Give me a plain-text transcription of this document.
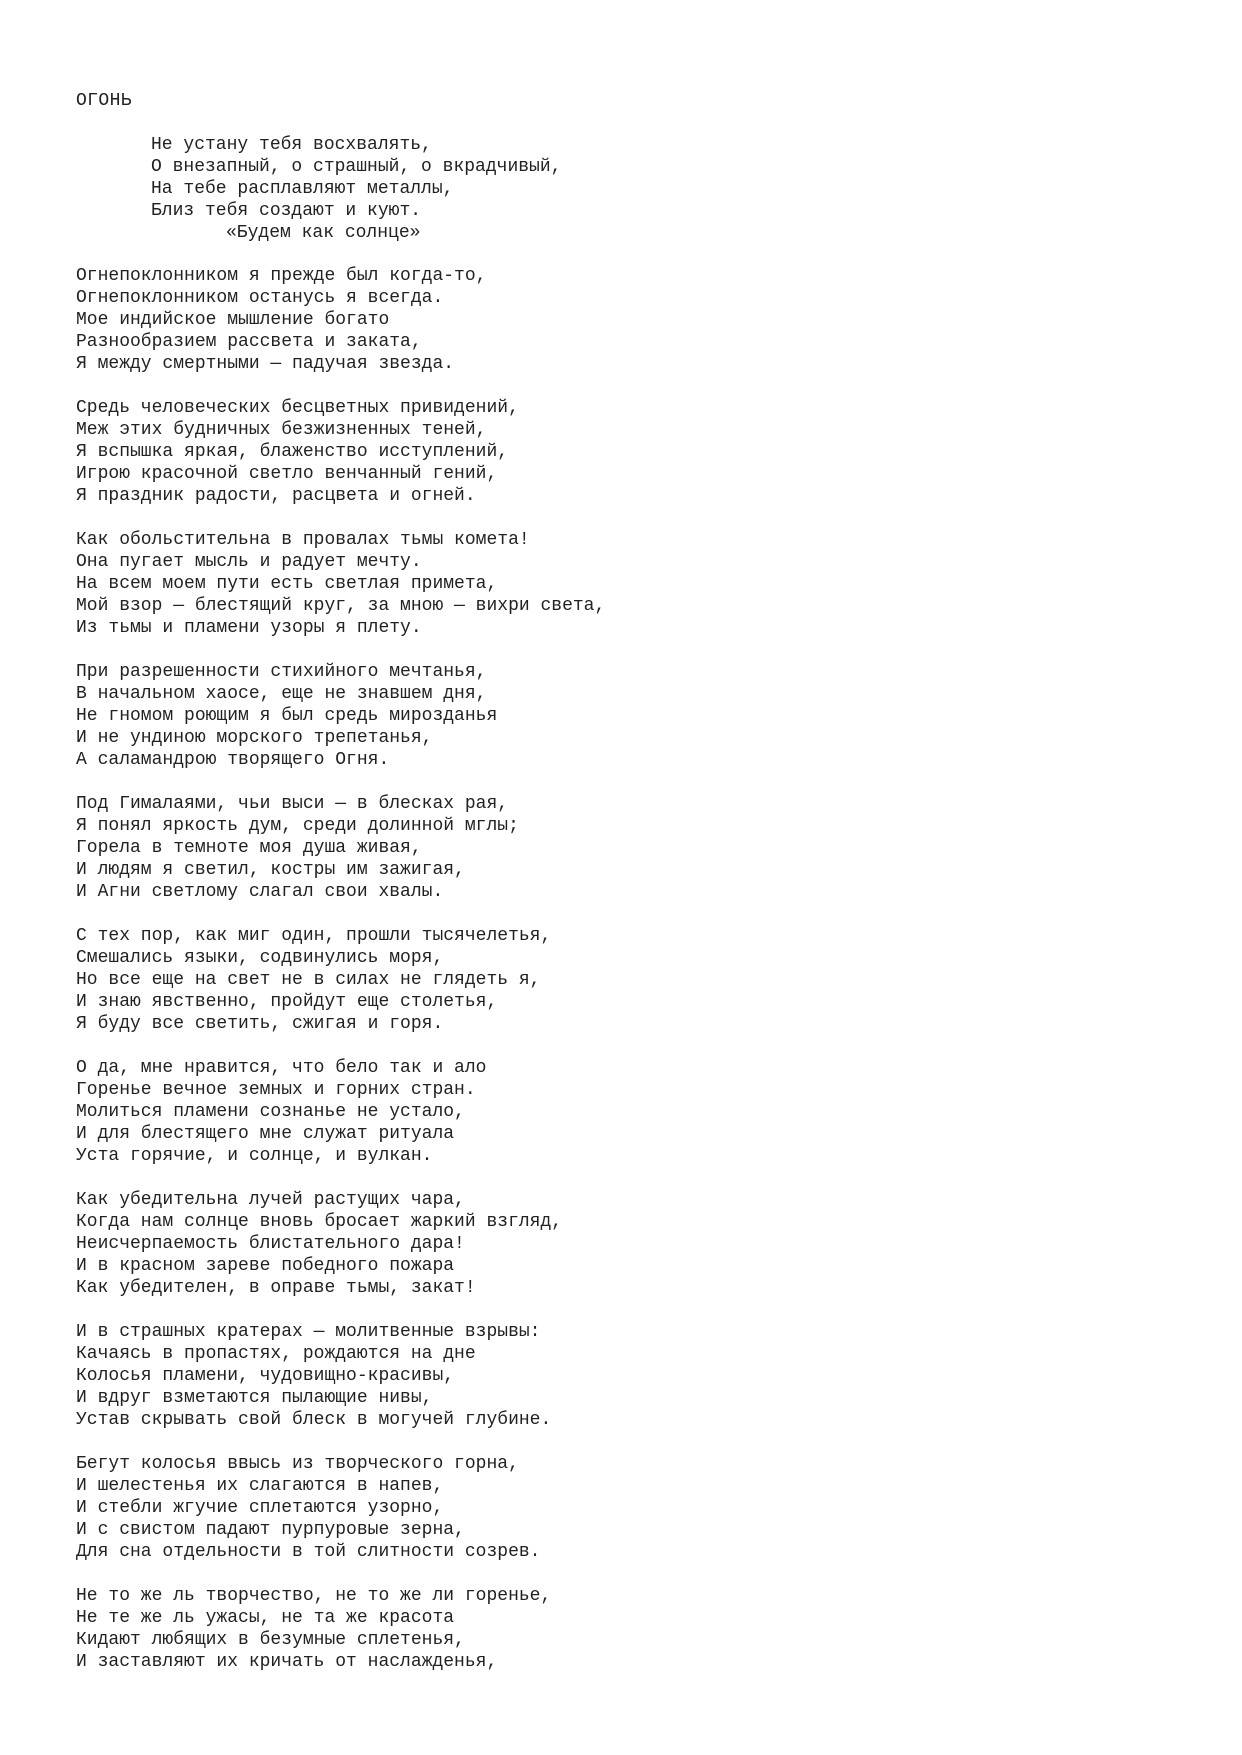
ОГОНЬ
Не устану тебя восхвалять,
О внезапный, о страшный, о вкрадчивый,
На тебе расплавляют металлы,
Близ тебя создают и куют.
«Будем как солнце»
Огнепоклонником я прежде был когда-то,
Огнепоклонником останусь я всегда.
Мое индийское мышление богато
Разнообразием рассвета и заката,
Я между смертными — падучая звезда.
Средь человеческих бесцветных привидений,
Меж этих будничных безжизненных теней,
Я вспышка яркая, блаженство исступлений,
Игрою красочной светло венчанный гений,
Я праздник радости, расцвета и огней.
Как обольстительна в провалах тьмы комета!
Она пугает мысль и радует мечту.
На всем моем пути есть светлая примета,
Мой взор — блестящий круг, за мною — вихри света,
Из тьмы и пламени узоры я плету.
При разрешенности стихийного мечтанья,
В начальном хаосе, еще не знавшем дня,
Не гномом роющим я был средь мирозданья
И не ундиною морского трепетанья,
А саламандрою творящего Огня.
Под Гималаями, чьи выси — в блесках рая,
Я понял яркость дум, среди долинной мглы;
Горела в темноте моя душа живая,
И людям я светил, костры им зажигая,
И Агни светлому слагал свои хвалы.
С тех пор, как миг один, прошли тысячелетья,
Смешались языки, содвинулись моря,
Но все еще на свет не в силах не глядеть я,
И знаю явственно, пройдут еще столетья,
Я буду все светить, сжигая и горя.
О да, мне нравится, что бело так и ало
Горенье вечное земных и горних стран.
Молиться пламени сознанье не устало,
И для блестящего мне служат ритуала
Уста горячие, и солнце, и вулкан.
Как убедительна лучей растущих чара,
Когда нам солнце вновь бросает жаркий взгляд,
Неисчерпаемость блистательного дара!
И в красном зареве победного пожара
Как убедителен, в оправе тьмы, закат!
И в страшных кратерах — молитвенные взрывы:
Качаясь в пропастях, рождаются на дне
Колосья пламени, чудовищно-красивы,
И вдруг взметаются пылающие нивы,
Устав скрывать свой блеск в могучей глубине.
Бегут колосья ввысь из творческого горна,
И шелестенья их слагаются в напев,
И стебли жгучие сплетаются узорно,
И с свистом падают пурпуровые зерна,
Для сна отдельности в той слитности созрев.
Не то же ль творчество, не то же ли горенье,
Не те же ль ужасы, не та же красота
Кидают любящих в безумные сплетенья,
И заставляют их кричать от наслажденья,
